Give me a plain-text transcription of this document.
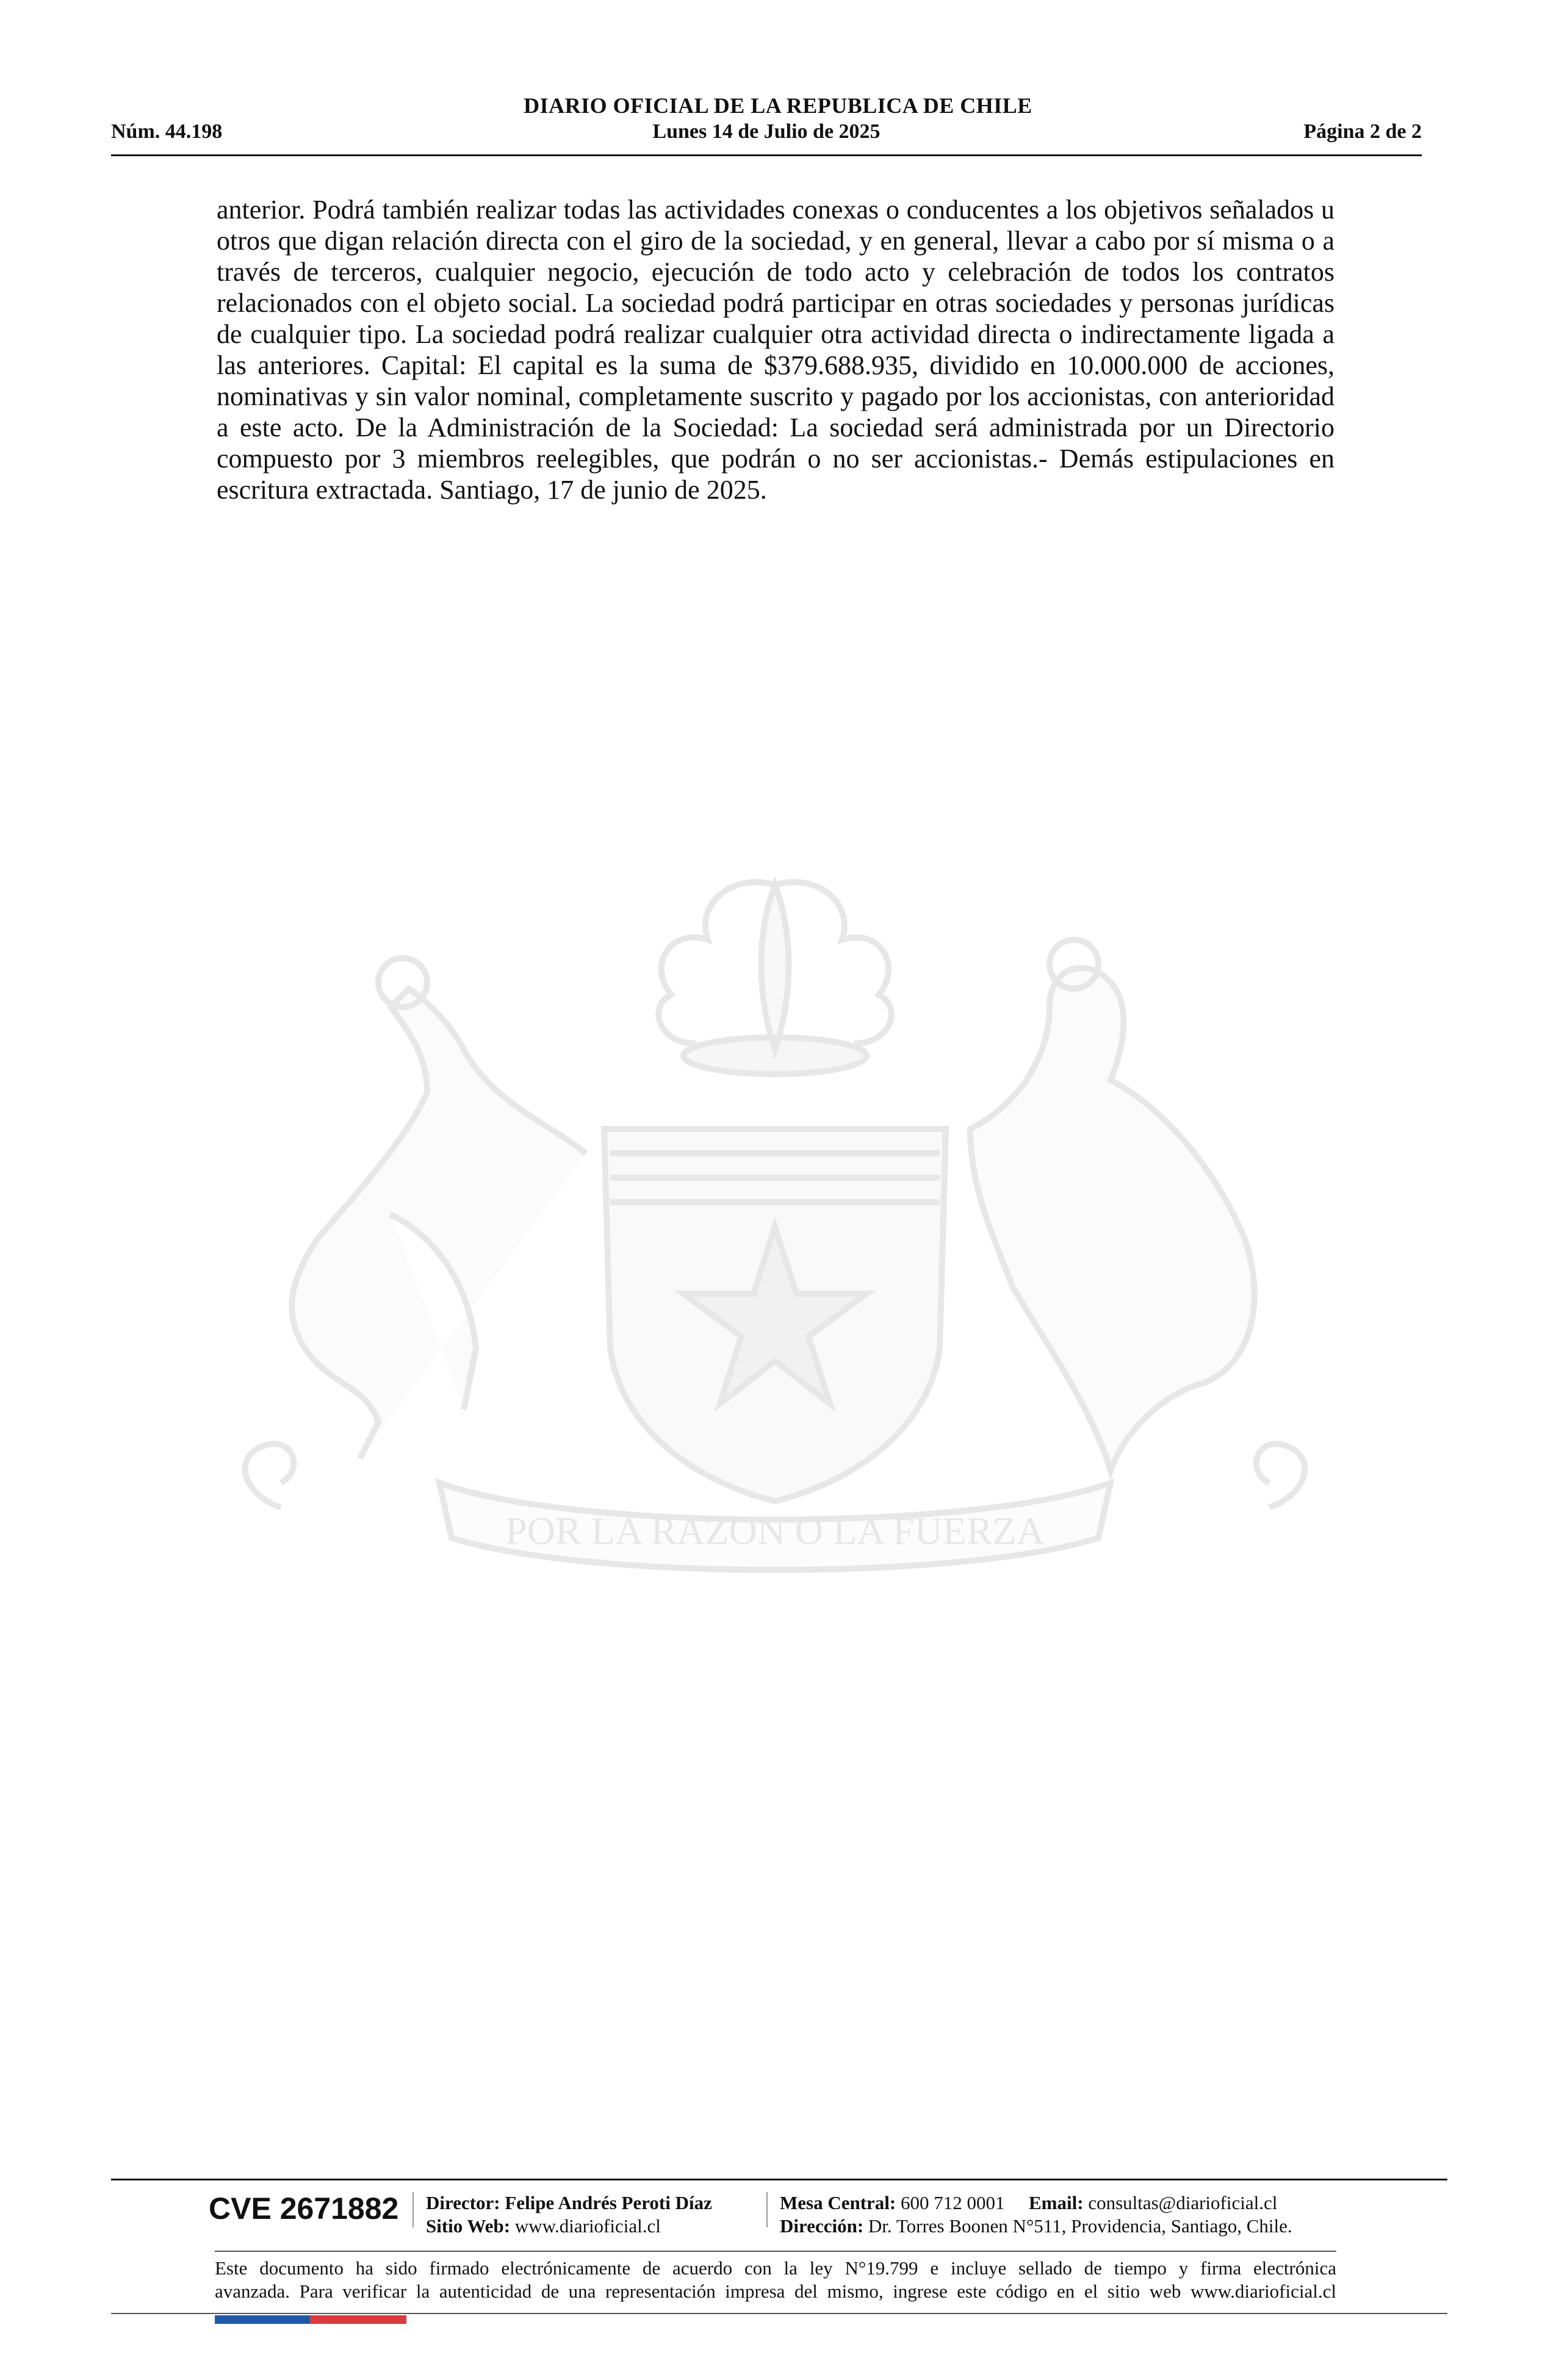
DIARIO OFICIAL DE LA REPUBLICA DE CHILE
Núm. 44.198	Lunes 14 de Julio de 2025	Página 2 de 2
anterior. Podrá también realizar todas las actividades conexas o conducentes a los objetivos señalados u otros que digan relación directa con el giro de la sociedad, y en general, llevar a cabo por sí misma o a través de terceros, cualquier negocio, ejecución de todo acto y celebración de todos los contratos relacionados con el objeto social. La sociedad podrá participar en otras sociedades y personas jurídicas de cualquier tipo. La sociedad podrá realizar cualquier otra actividad directa o indirectamente ligada a las anteriores. Capital: El capital es la suma de $379.688.935, dividido en 10.000.000 de acciones, nominativas y sin valor nominal, completamente suscrito y pagado por los accionistas, con anterioridad a este acto. De la Administración de la Sociedad: La sociedad será administrada por un Directorio compuesto por 3 miembros reelegibles, que podrán o no ser accionistas.- Demás estipulaciones en escritura extractada. Santiago, 17 de junio de 2025.
POR LA RAZON O LA FUERZA
CVE 2671882 Director: Felipe Andrés Peroti Díaz
Sitio Web: www.diarioficial.cl
Mesa Central: 600 712 0001 Email: consultas@diarioficial.cl
Dirección: Dr. Torres Boonen N°511, Providencia, Santiago, Chile.
Este documento ha sido firmado electrónicamente de acuerdo con la ley N°19.799 e incluye sellado de tiempo y firma electrónica
avanzada. Para verificar la autenticidad de una representación impresa del mismo, ingrese este código en el sitio web www.diarioficial.cl
